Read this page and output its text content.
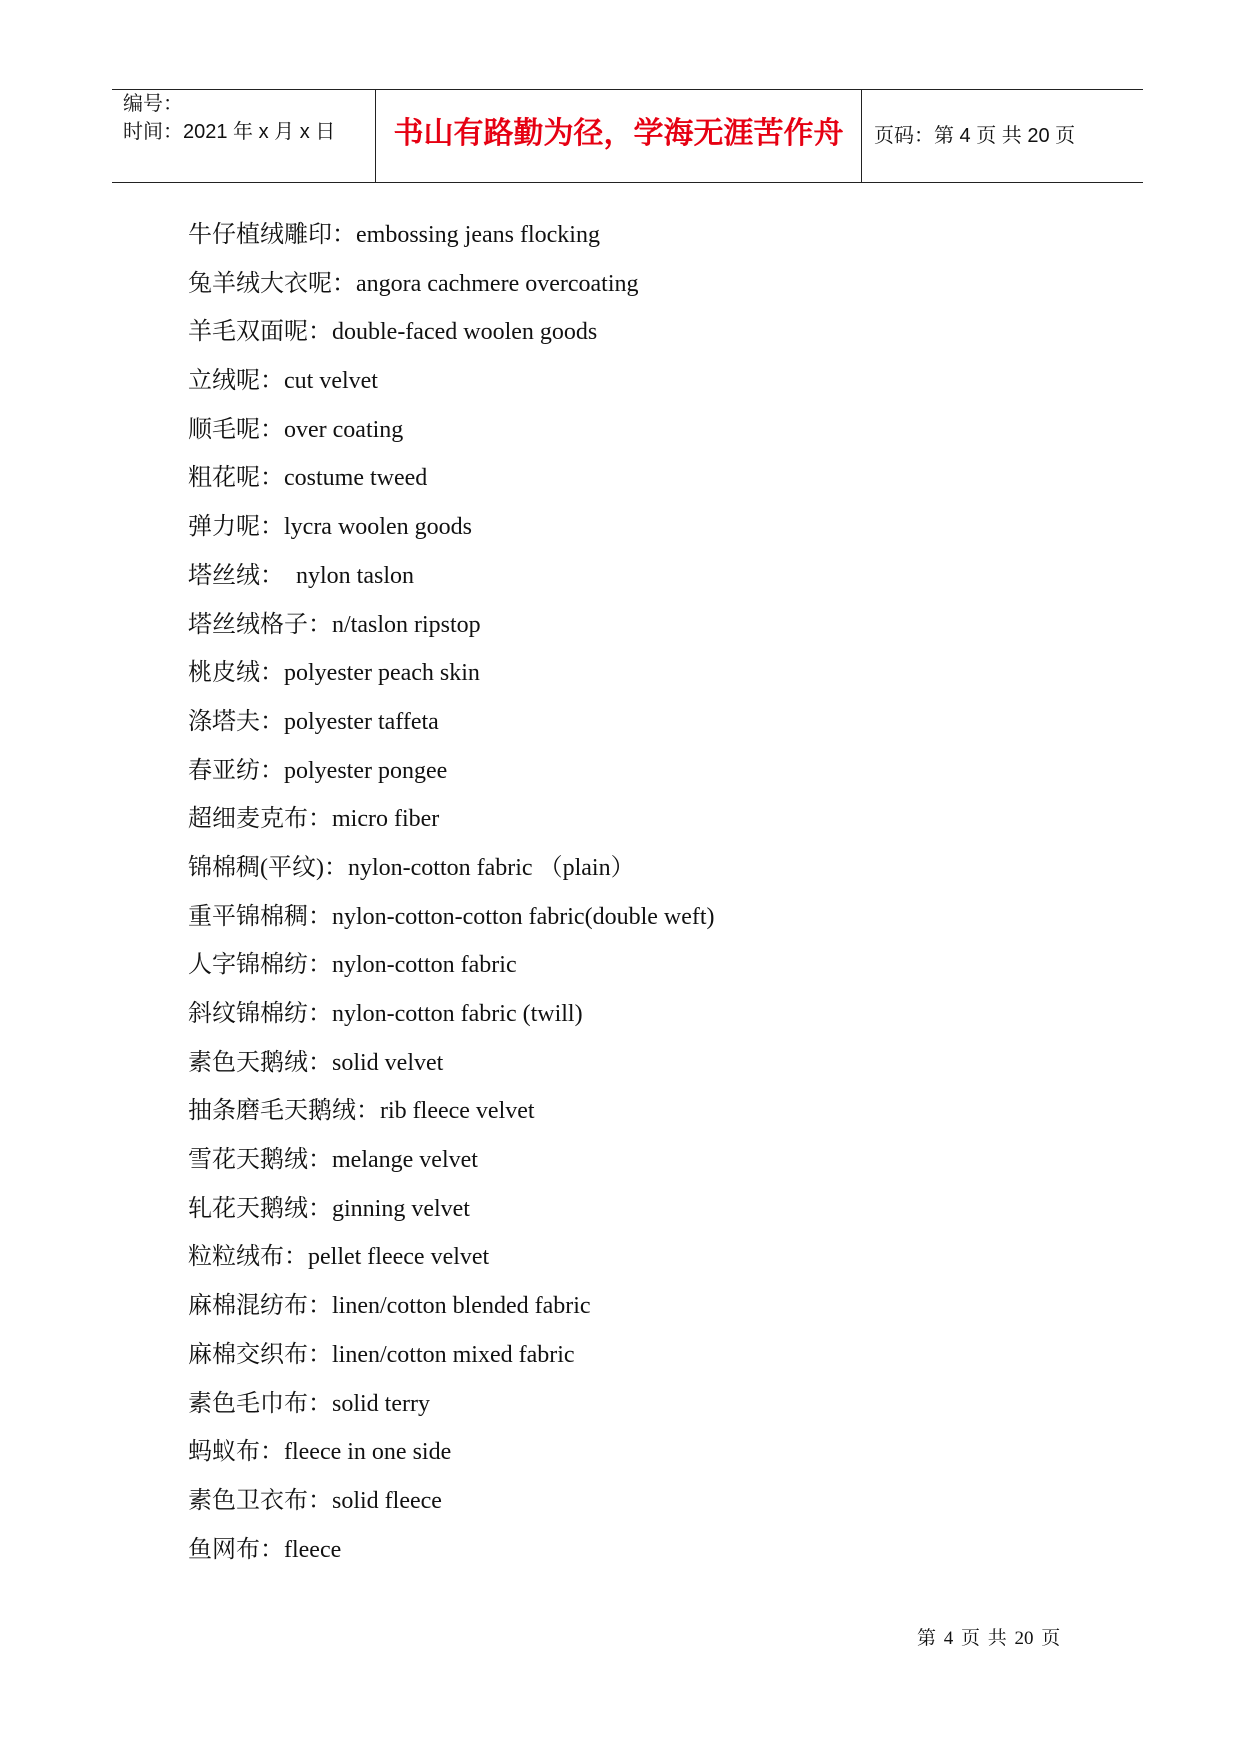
编号：
时间：2021 年 x 月 x 日	书山有路勤为径，学海无涯苦作舟	页码：第 4 页 共 20 页
牛仔植绒雕印：embossing jeans flocking
兔羊绒大衣呢：angora cachmere overcoating
羊毛双面呢：double-faced woolen goods
立绒呢：cut velvet
顺毛呢：over coating
粗花呢：costume tweed
弹力呢：lycra woolen goods
塔丝绒：  nylon taslon
塔丝绒格子：n/taslon ripstop
桃皮绒：polyester peach skin
涤塔夫：polyester taffeta
春亚纺：polyester pongee
超细麦克布：micro fiber
锦棉稠(平纹)：nylon-cotton fabric （plain）
重平锦棉稠：nylon-cotton-cotton fabric(double weft)
人字锦棉纺：nylon-cotton fabric
斜纹锦棉纺：nylon-cotton fabric (twill)
素色天鹅绒：solid velvet
抽条磨毛天鹅绒：rib fleece velvet
雪花天鹅绒：melange velvet
轧花天鹅绒：ginning velvet
粒粒绒布：pellet fleece velvet
麻棉混纺布：linen/cotton blended fabric
麻棉交织布：linen/cotton mixed fabric
素色毛巾布：solid terry
蚂蚁布：fleece in one side
素色卫衣布：solid fleece
鱼网布：fleece
第 4 页 共 20 页
